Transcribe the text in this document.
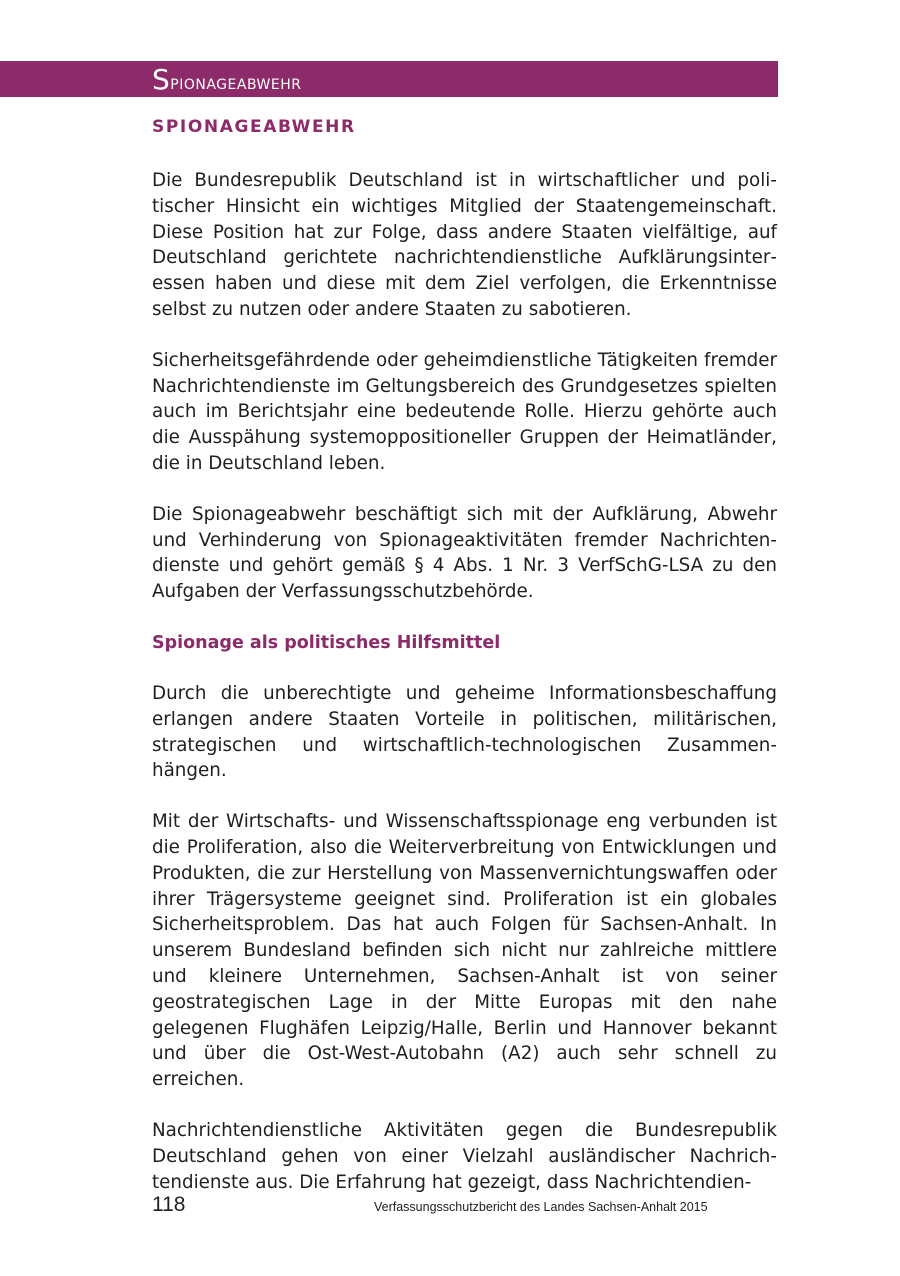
Spionageabwehr
SPIONAGEABWEHR

Die Bundesrepublik Deutschland ist in wirtschaftlicher und politischer Hinsicht ein wichtiges Mitglied der Staatengemeinschaft. Diese Position hat zur Folge, dass andere Staaten vielfältige, auf Deutschland gerichtete nachrichtendienstliche Aufklärungsinteressen haben und diese mit dem Ziel verfolgen, die Erkenntnisse selbst zu nutzen oder andere Staaten zu sabotieren.

Sicherheitsgefährdende oder geheimdienstliche Tätigkeiten fremder Nachrichtendienste im Geltungsbereich des Grundgesetzes spielten auch im Berichtsjahr eine bedeutende Rolle. Hierzu gehörte auch die Ausspähung systemoppositioneller Gruppen der Heimatländer, die in Deutschland leben.

Die Spionageabwehr beschäftigt sich mit der Aufklärung, Abwehr und Verhinderung von Spionageaktivitäten fremder Nachrichtendienste und gehört gemäß § 4 Abs. 1 Nr. 3 VerfSchG-LSA zu den Aufgaben der Verfassungsschutzbehörde.

Spionage als politisches Hilfsmittel

Durch die unberechtigte und geheime Informationsbeschaffung erlangen andere Staaten Vorteile in politischen, militärischen, strategischen und wirtschaftlich-technologischen Zusammenhängen.

Mit der Wirtschafts- und Wissenschaftsspionage eng verbunden ist die Proliferation, also die Weiterverbreitung von Entwicklungen und Produkten, die zur Herstellung von Massenvernichtungswaffen oder ihrer Trägersysteme geeignet sind. Proliferation ist ein globales Sicherheitsproblem. Das hat auch Folgen für Sachsen-Anhalt. In unserem Bundesland befinden sich nicht nur zahlreiche mittlere und kleinere Unternehmen, Sachsen-Anhalt ist von seiner geostrategischen Lage in der Mitte Europas mit den nahe gelegenen Flughäfen Leipzig/Halle, Berlin und Hannover bekannt und über die Ost-West-Autobahn (A2) auch sehr schnell zu erreichen.

Nachrichtendienstliche Aktivitäten gegen die Bundesrepublik Deutschland gehen von einer Vielzahl ausländischer Nachrichtendienste aus. Die Erfahrung hat gezeigt, dass Nachrichtendien-

118	Verfassungsschutzbericht des Landes Sachsen-Anhalt 2015
